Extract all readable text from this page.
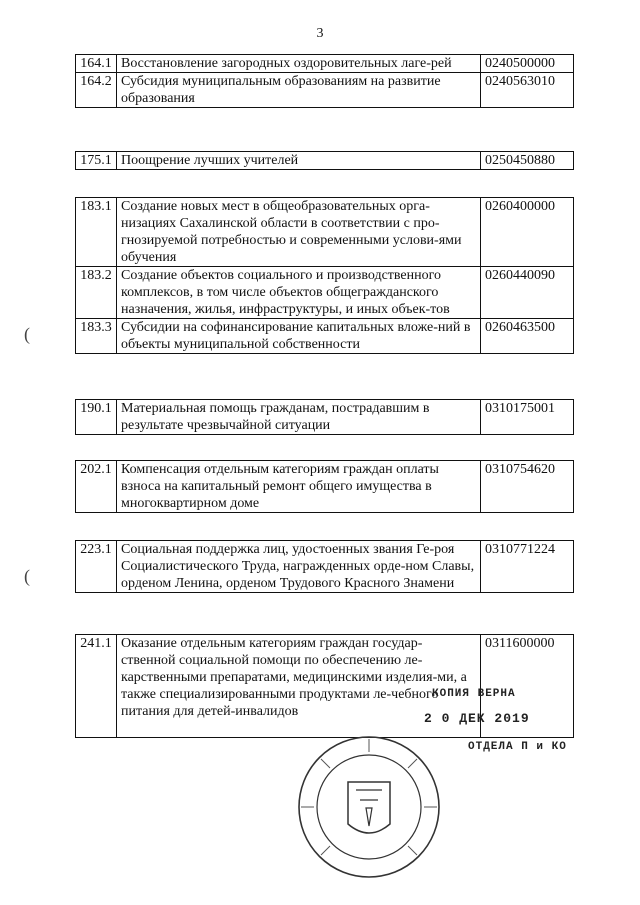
3
164.1	Восстановление загородных оздоровительных лаге-рей	0240500000
164.2	Субсидия муниципальным образованиям на развитие образования	0240563010
175.1	Поощрение лучших учителей	0250450880
183.1	Создание новых мест в общеобразовательных орга-низациях Сахалинской области в соответствии с про-гнозируемой потребностью и современными услови-ями обучения	0260400000
183.2	Создание объектов социального и производственного комплексов, в том числе объектов общегражданского назначения, жилья, инфраструктуры, и иных объек-тов	0260440090
183.3	Субсидии на софинансирование капитальных вложе-ний в объекты муниципальной собственности	0260463500
190.1	Материальная помощь гражданам, пострадавшим в результате чрезвычайной ситуации	0310175001
202.1	Компенсация отдельным категориям граждан оплаты взноса на капитальный ремонт общего имущества в многоквартирном доме	0310754620
223.1	Социальная поддержка лиц, удостоенных звания Ге-роя Социалистического Труда, награжденных орде-ном Славы, орденом Ленина, орденом Трудового Красного Знамени	0310771224
241.1	Оказание отдельным категориям граждан государ-ственной социальной помощи по обеспечению ле-карственными препаратами, медицинскими изделия-ми, а также специализированными продуктами ле-чебного питания для детей-инвалидов	0311600000
(
(
КОПИЯ ВЕРНА
2 0 ДЕК 2019
ОТДЕЛА П и КО
